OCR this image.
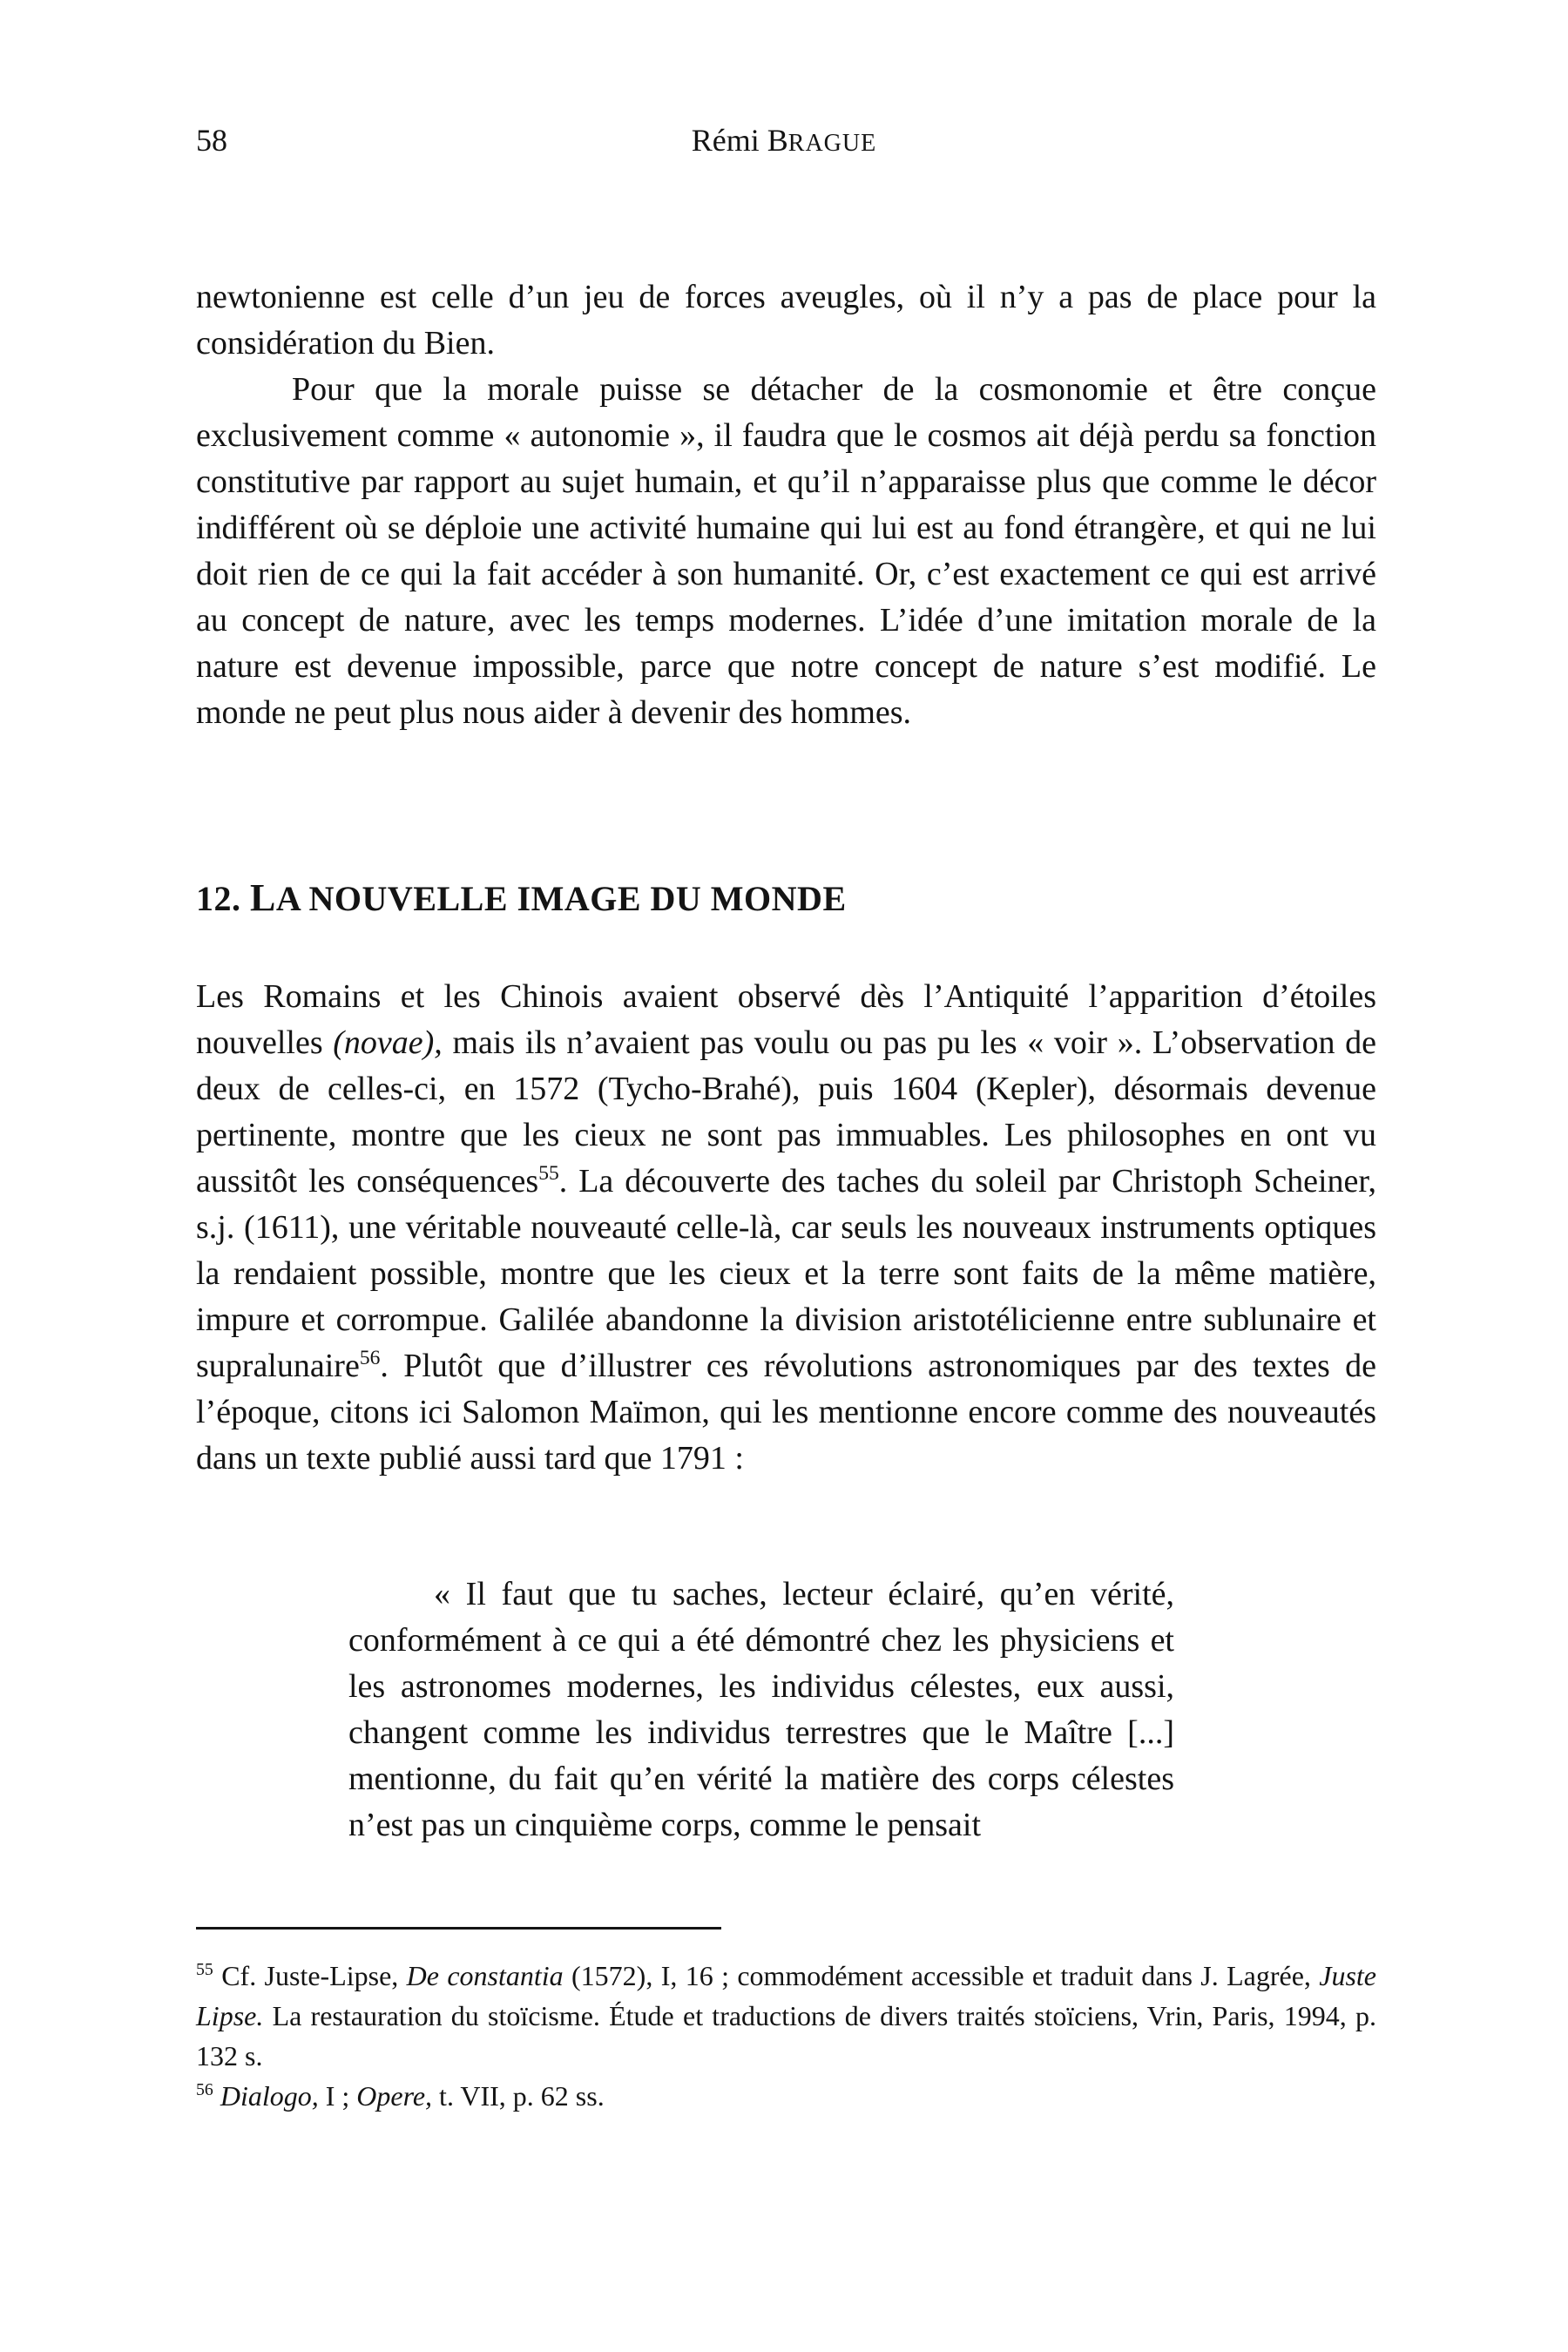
58	Rémi BRAGUE

newtonienne est celle d’un jeu de forces aveugles, où il n’y a pas de place pour la considération du Bien.

Pour que la morale puisse se détacher de la cosmonomie et être conçue exclusivement comme « autonomie », il faudra que le cosmos ait déjà perdu sa fonction constitutive par rapport au sujet humain, et qu’il n’apparaisse plus que comme le décor indifférent où se déploie une activité humaine qui lui est au fond étrangère, et qui ne lui doit rien de ce qui la fait accéder à son humanité. Or, c’est exactement ce qui est arrivé au concept de nature, avec les temps modernes. L’idée d’une imitation morale de la nature est devenue impossible, parce que notre concept de nature s’est modifié. Le monde ne peut plus nous aider à devenir des hommes.

12. LA NOUVELLE IMAGE DU MONDE

Les Romains et les Chinois avaient observé dès l’Antiquité l’apparition d’étoiles nouvelles (novae), mais ils n’avaient pas voulu ou pas pu les « voir ». L’observation de deux de celles-ci, en 1572 (Tycho-Brahé), puis 1604 (Kepler), désormais devenue pertinente, montre que les cieux ne sont pas immuables. Les philosophes en ont vu aussitôt les conséquences$^{55}$. La découverte des taches du soleil par Christoph Scheiner, s.j. (1611), une véritable nouveauté celle-là, car seuls les nouveaux instruments optiques la rendaient possible, montre que les cieux et la terre sont faits de la même matière, impure et corrompue. Galilée abandonne la division aristotélicienne entre sublunaire et supralunaire$^{56}$. Plutôt que d’illustrer ces révolutions astronomiques par des textes de l’époque, citons ici Salomon Maïmon, qui les mentionne encore comme des nouveautés dans un texte publié aussi tard que 1791 :

« Il faut que tu saches, lecteur éclairé, qu’en vérité, conformément à ce qui a été démontré chez les physiciens et les astronomes modernes, les individus célestes, eux aussi, changent comme les individus terrestres que le Maître [...] mentionne, du fait qu’en vérité la matière des corps célestes n’est pas un cinquième corps, comme le pensait

$^{55}$ Cf. Juste-Lipse, De constantia (1572), I, 16 ; commodément accessible et traduit dans J. Lagrée, Juste Lipse. La restauration du stoïcisme. Étude et traductions de divers traités stoïciens, Vrin, Paris, 1994, p. 132 s.

$^{56}$ Dialogo, I ; Opere, t. VII, p. 62 ss.
